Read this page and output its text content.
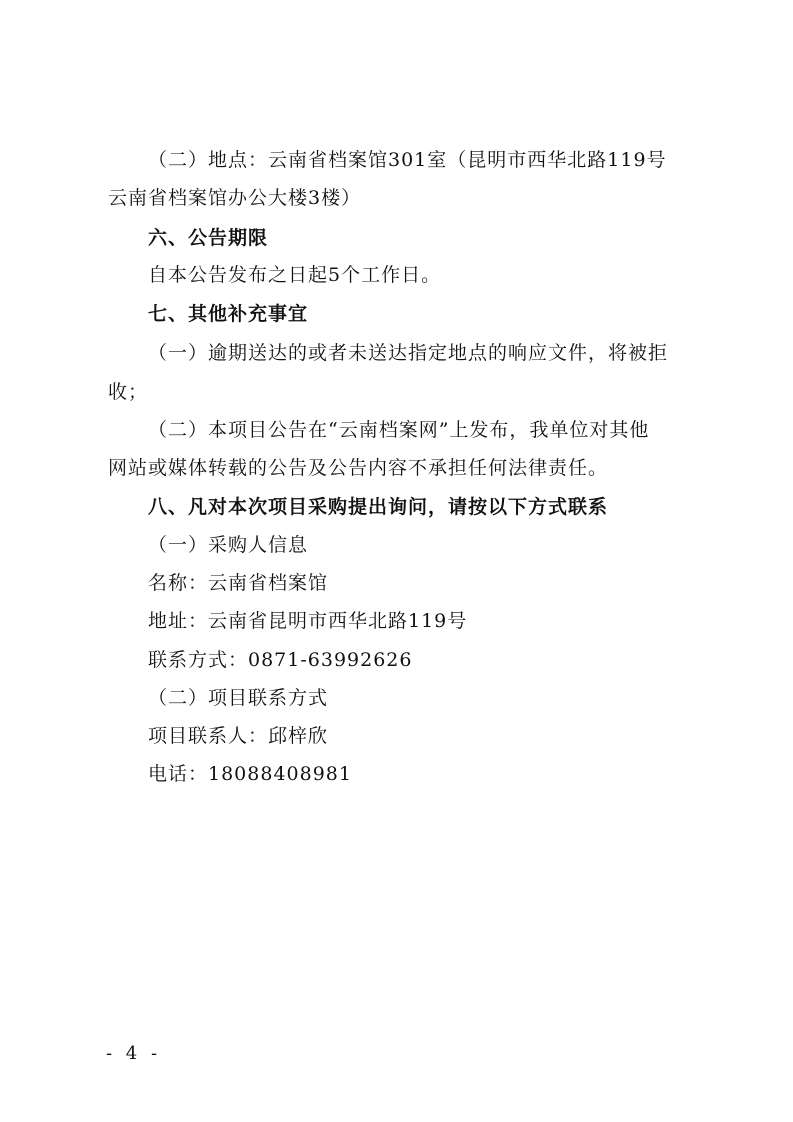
（二）地点：云南省档案馆301室（昆明市西华北路119号
云南省档案馆办公大楼3楼）
六、公告期限
自本公告发布之日起5个工作日。
七、其他补充事宜
（一）逾期送达的或者未送达指定地点的响应文件，将被拒
收；
（二）本项目公告在“云南档案网”上发布，我单位对其他
网站或媒体转载的公告及公告内容不承担任何法律责任。
八、凡对本次项目采购提出询问，请按以下方式联系
（一）采购人信息
名称：云南省档案馆
地址：云南省昆明市西华北路119号
联系方式：0871-63992626
（二）项目联系方式
项目联系人：邱梓欣
电话：18088408981
- 4 -
